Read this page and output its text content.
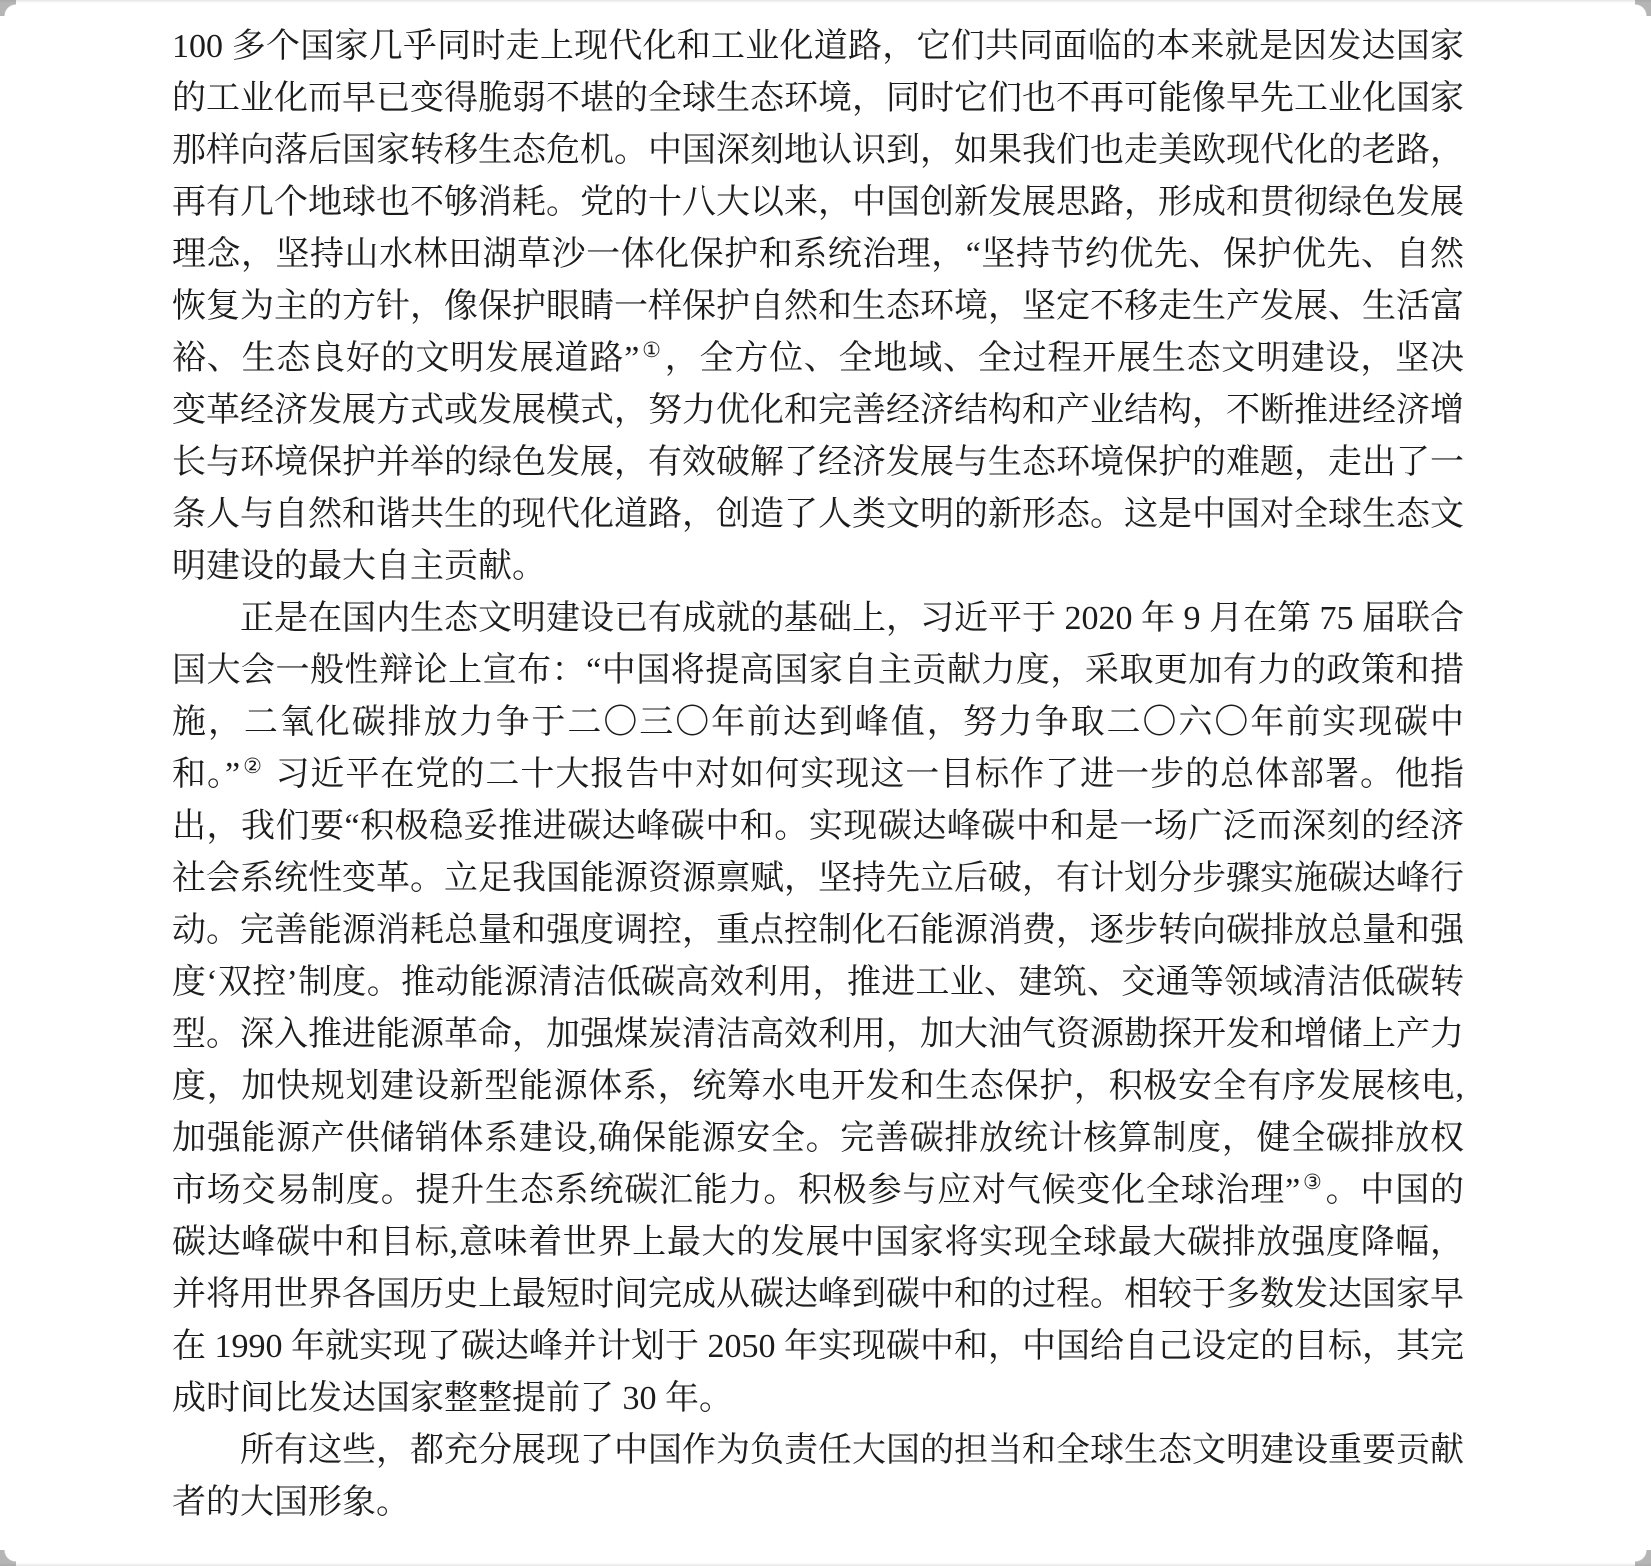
100 多个国家几乎同时走上现代化和工业化道路，它们共同面临的本来就是因发达国家的工业化而早已变得脆弱不堪的全球生态环境，同时它们也不再可能像早先工业化国家那样向落后国家转移生态危机。中国深刻地认识到，如果我们也走美欧现代化的老路，再有几个地球也不够消耗。党的十八大以来，中国创新发展思路，形成和贯彻绿色发展理念，坚持山水林田湖草沙一体化保护和系统治理，“坚持节约优先、保护优先、自然恢复为主的方针，像保护眼睛一样保护自然和生态环境，坚定不移走生产发展、生活富裕、生态良好的文明发展道路”①，全方位、全地域、全过程开展生态文明建设，坚决变革经济发展方式或发展模式，努力优化和完善经济结构和产业结构，不断推进经济增长与环境保护并举的绿色发展，有效破解了经济发展与生态环境保护的难题，走出了一条人与自然和谐共生的现代化道路，创造了人类文明的新形态。这是中国对全球生态文明建设的最大自主贡献。

正是在国内生态文明建设已有成就的基础上，习近平于 2020 年 9 月在第 75 届联合国大会一般性辩论上宣布：“中国将提高国家自主贡献力度，采取更加有力的政策和措施，二氧化碳排放力争于二〇三〇年前达到峰值，努力争取二〇六〇年前实现碳中和。”② 习近平在党的二十大报告中对如何实现这一目标作了进一步的总体部署。他指出，我们要“积极稳妥推进碳达峰碳中和。实现碳达峰碳中和是一场广泛而深刻的经济社会系统性变革。立足我国能源资源禀赋，坚持先立后破，有计划分步骤实施碳达峰行动。完善能源消耗总量和强度调控，重点控制化石能源消费，逐步转向碳排放总量和强度‘双控’制度。推动能源清洁低碳高效利用，推进工业、建筑、交通等领域清洁低碳转型。深入推进能源革命，加强煤炭清洁高效利用，加大油气资源勘探开发和增储上产力度，加快规划建设新型能源体系，统筹水电开发和生态保护，积极安全有序发展核电,加强能源产供储销体系建设,确保能源安全。完善碳排放统计核算制度，健全碳排放权市场交易制度。提升生态系统碳汇能力。积极参与应对气候变化全球治理”③。中国的碳达峰碳中和目标,意味着世界上最大的发展中国家将实现全球最大碳排放强度降幅，并将用世界各国历史上最短时间完成从碳达峰到碳中和的过程。相较于多数发达国家早在 1990 年就实现了碳达峰并计划于 2050 年实现碳中和，中国给自己设定的目标，其完成时间比发达国家整整提前了 30 年。

所有这些，都充分展现了中国作为负责任大国的担当和全球生态文明建设重要贡献者的大国形象。
